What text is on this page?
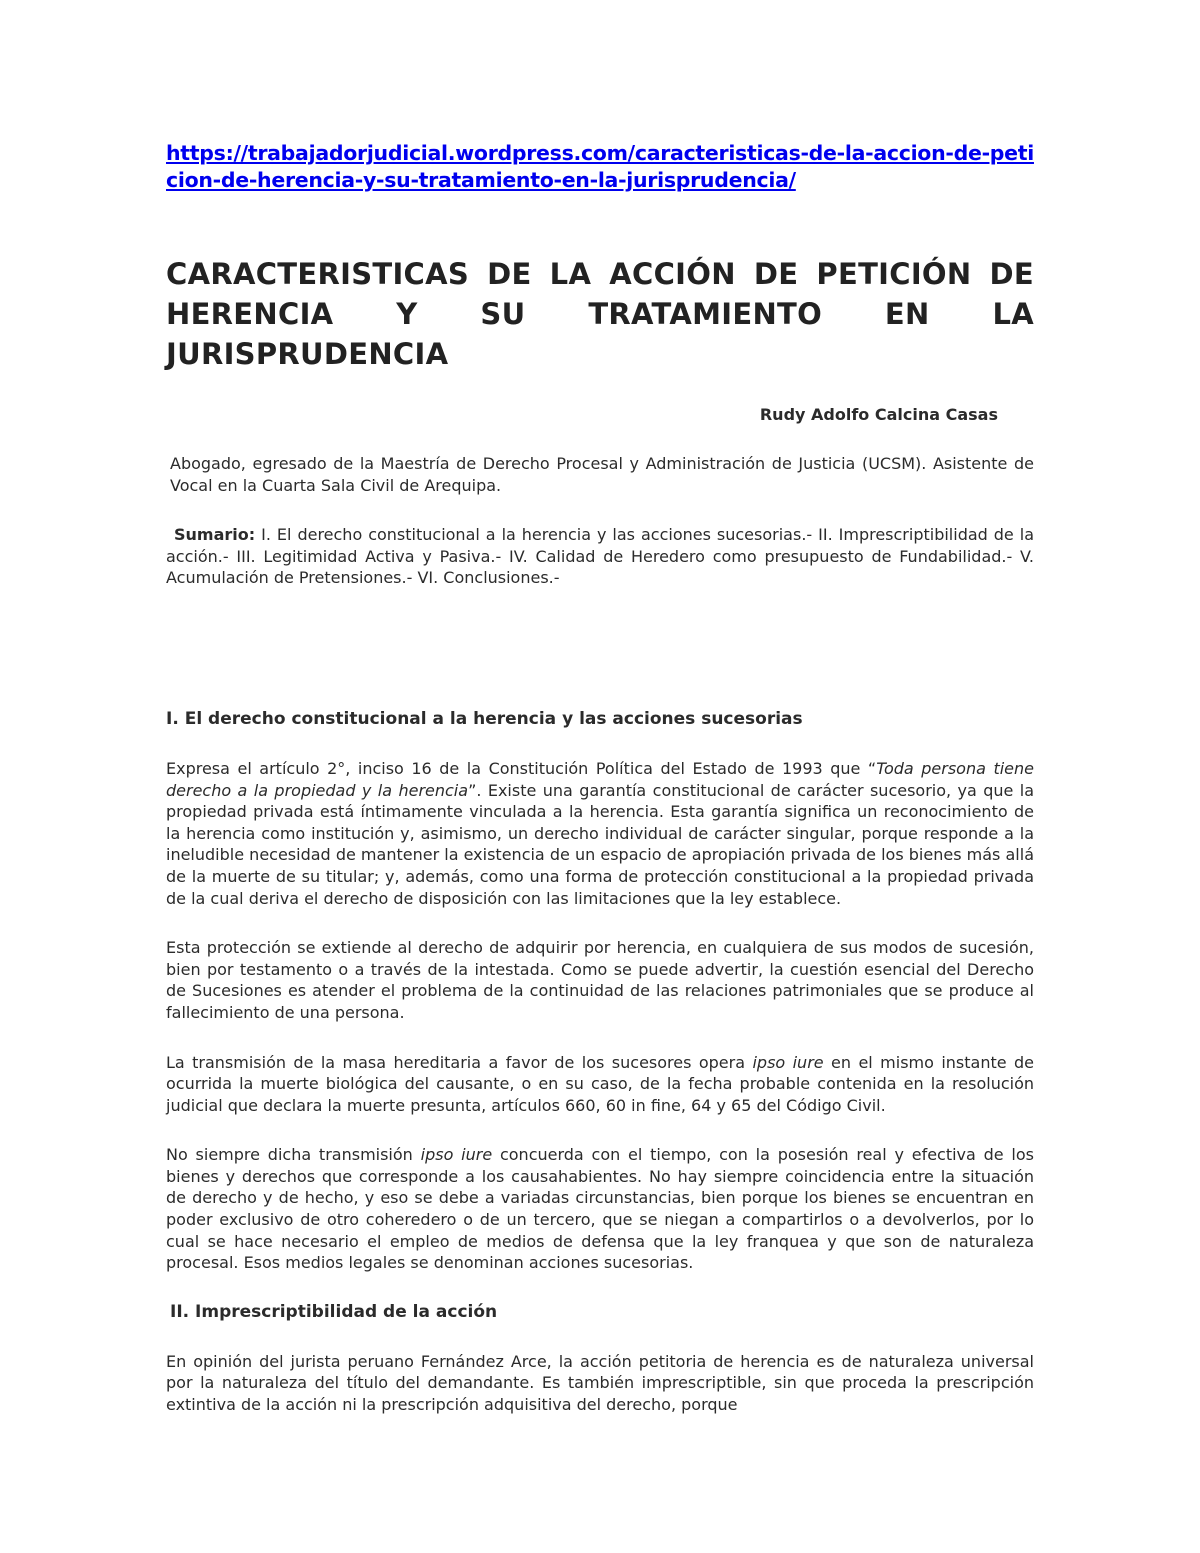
https://trabajadorjudicial.wordpress.com/caracteristicas-de-la-accion-de-peticion-de-herencia-y-su-tratamiento-en-la-jurisprudencia/
CARACTERISTICAS DE LA ACCIÓN DE PETICIÓN DE HERENCIA Y SU TRATAMIENTO EN LA JURISPRUDENCIA
Rudy Adolfo Calcina Casas

Abogado, egresado de la Maestría de Derecho Procesal y Administración de Justicia (UCSM). Asistente de Vocal en la Cuarta Sala Civil de Arequipa.

Sumario: I. El derecho constitucional a la herencia y las acciones sucesorias.- II. Imprescriptibilidad de la acción.- III. Legitimidad Activa y Pasiva.- IV. Calidad de Heredero como presupuesto de Fundabilidad.- V. Acumulación de Pretensiones.- VI. Conclusiones.-

I. El derecho constitucional a la herencia y las acciones sucesorias

Expresa el artículo 2°, inciso 16 de la Constitución Política del Estado de 1993 que “Toda persona tiene derecho a la propiedad y la herencia”. Existe una garantía constitucional de carácter sucesorio, ya que la propiedad privada está íntimamente vinculada a la herencia. Esta garantía significa un reconocimiento de la herencia como institución y, asimismo, un derecho individual de carácter singular, porque responde a la ineludible necesidad de mantener la existencia de un espacio de apropiación privada de los bienes más allá de la muerte de su titular; y, además, como una forma de protección constitucional a la propiedad privada de la cual deriva el derecho de disposición con las limitaciones que la ley establece.

Esta protección se extiende al derecho de adquirir por herencia, en cualquiera de sus modos de sucesión, bien por testamento o a través de la intestada. Como se puede advertir, la cuestión esencial del Derecho de Sucesiones es atender el problema de la continuidad de las relaciones patrimoniales que se produce al fallecimiento de una persona.

La transmisión de la masa hereditaria a favor de los sucesores opera ipso iure en el mismo instante de ocurrida la muerte biológica del causante, o en su caso, de la fecha probable contenida en la resolución judicial que declara la muerte presunta, artículos 660, 60 in fine, 64 y 65 del Código Civil.

No siempre dicha transmisión ipso iure concuerda con el tiempo, con la posesión real y efectiva de los bienes y derechos que corresponde a los causahabientes. No hay siempre coincidencia entre la situación de derecho y de hecho, y eso se debe a variadas circunstancias, bien porque los bienes se encuentran en poder exclusivo de otro coheredero o de un tercero, que se niegan a compartirlos o a devolverlos, por lo cual se hace necesario el empleo de medios de defensa que la ley franquea y que son de naturaleza procesal. Esos medios legales se denominan acciones sucesorias.

II. Imprescriptibilidad de la acción

En opinión del jurista peruano Fernández Arce, la acción petitoria de herencia es de naturaleza universal por la naturaleza del título del demandante. Es también imprescriptible, sin que proceda la prescripción extintiva de la acción ni la prescripción adquisitiva del derecho, porque
